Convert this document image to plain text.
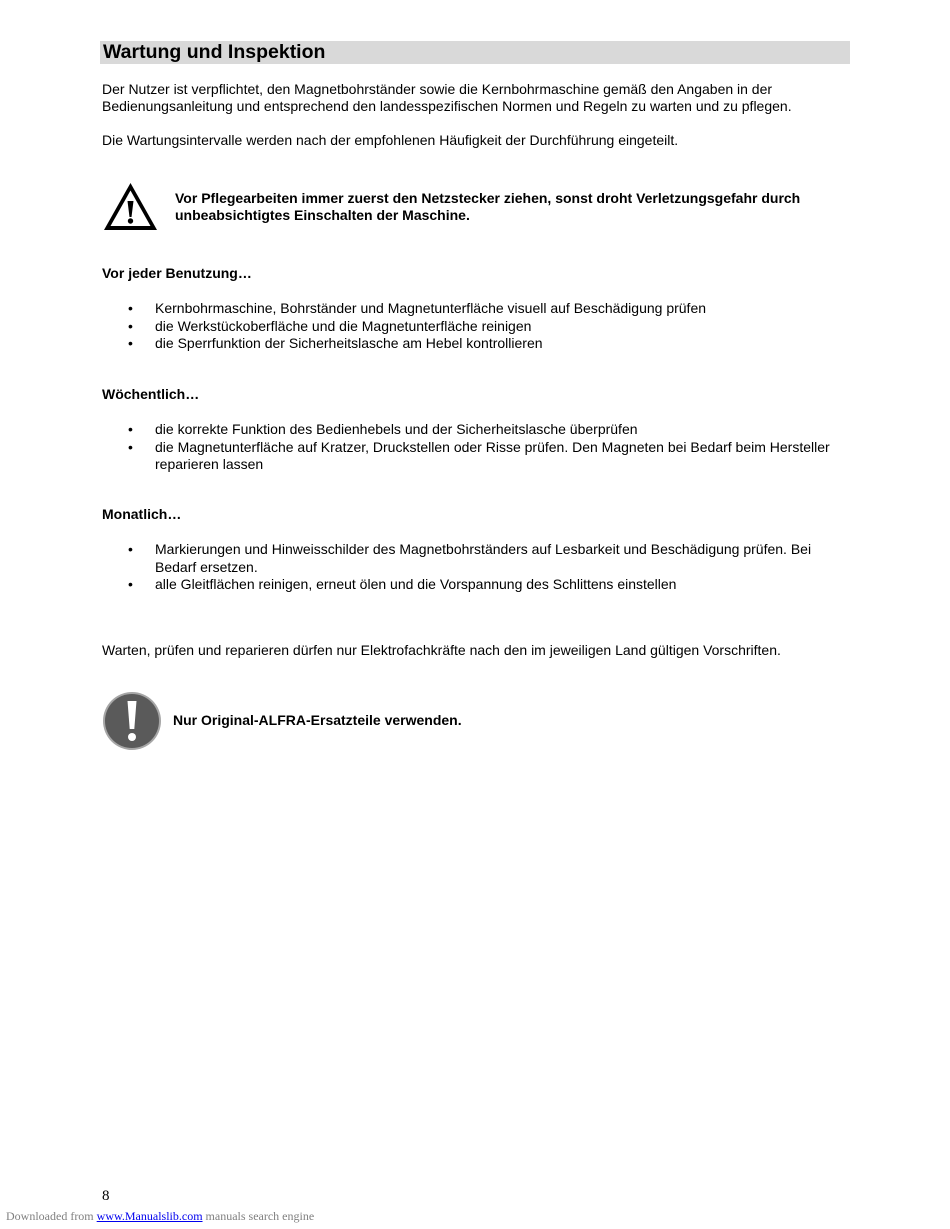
Wartung und Inspektion

Der Nutzer ist verpflichtet, den Magnetbohrständer sowie die Kernbohrmaschine gemäß den Angaben in der Bedienungsanleitung und entsprechend den landesspezifischen Normen und Regeln zu warten und zu pflegen.

Die Wartungsintervalle werden nach der empfohlenen Häufigkeit der Durchführung eingeteilt.

Vor Pflegearbeiten immer zuerst den Netzstecker ziehen, sonst droht Verletzungsgefahr durch unbeabsichtigtes Einschalten der Maschine.

Vor jeder Benutzung…

• Kernbohrmaschine, Bohrständer und Magnetunterfläche visuell auf Beschädigung prüfen
• die Werkstückoberfläche und die Magnetunterfläche reinigen
• die Sperrfunktion der Sicherheitslasche am Hebel kontrollieren

Wöchentlich…

• die korrekte Funktion des Bedienhebels und der Sicherheitslasche überprüfen
• die Magnetunterfläche auf Kratzer, Druckstellen oder Risse prüfen. Den Magneten bei Bedarf beim Hersteller reparieren lassen

Monatlich…

• Markierungen und Hinweisschilder des Magnetbohrständers auf Lesbarkeit und Beschädigung prüfen. Bei Bedarf ersetzen.
• alle Gleitflächen reinigen, erneut ölen und die Vorspannung des Schlittens einstellen

Warten, prüfen und reparieren dürfen nur Elektrofachkräfte nach den im jeweiligen Land gültigen Vorschriften.

Nur Original-ALFRA-Ersatzteile verwenden.

8
Downloaded from www.Manualslib.com manuals search engine
